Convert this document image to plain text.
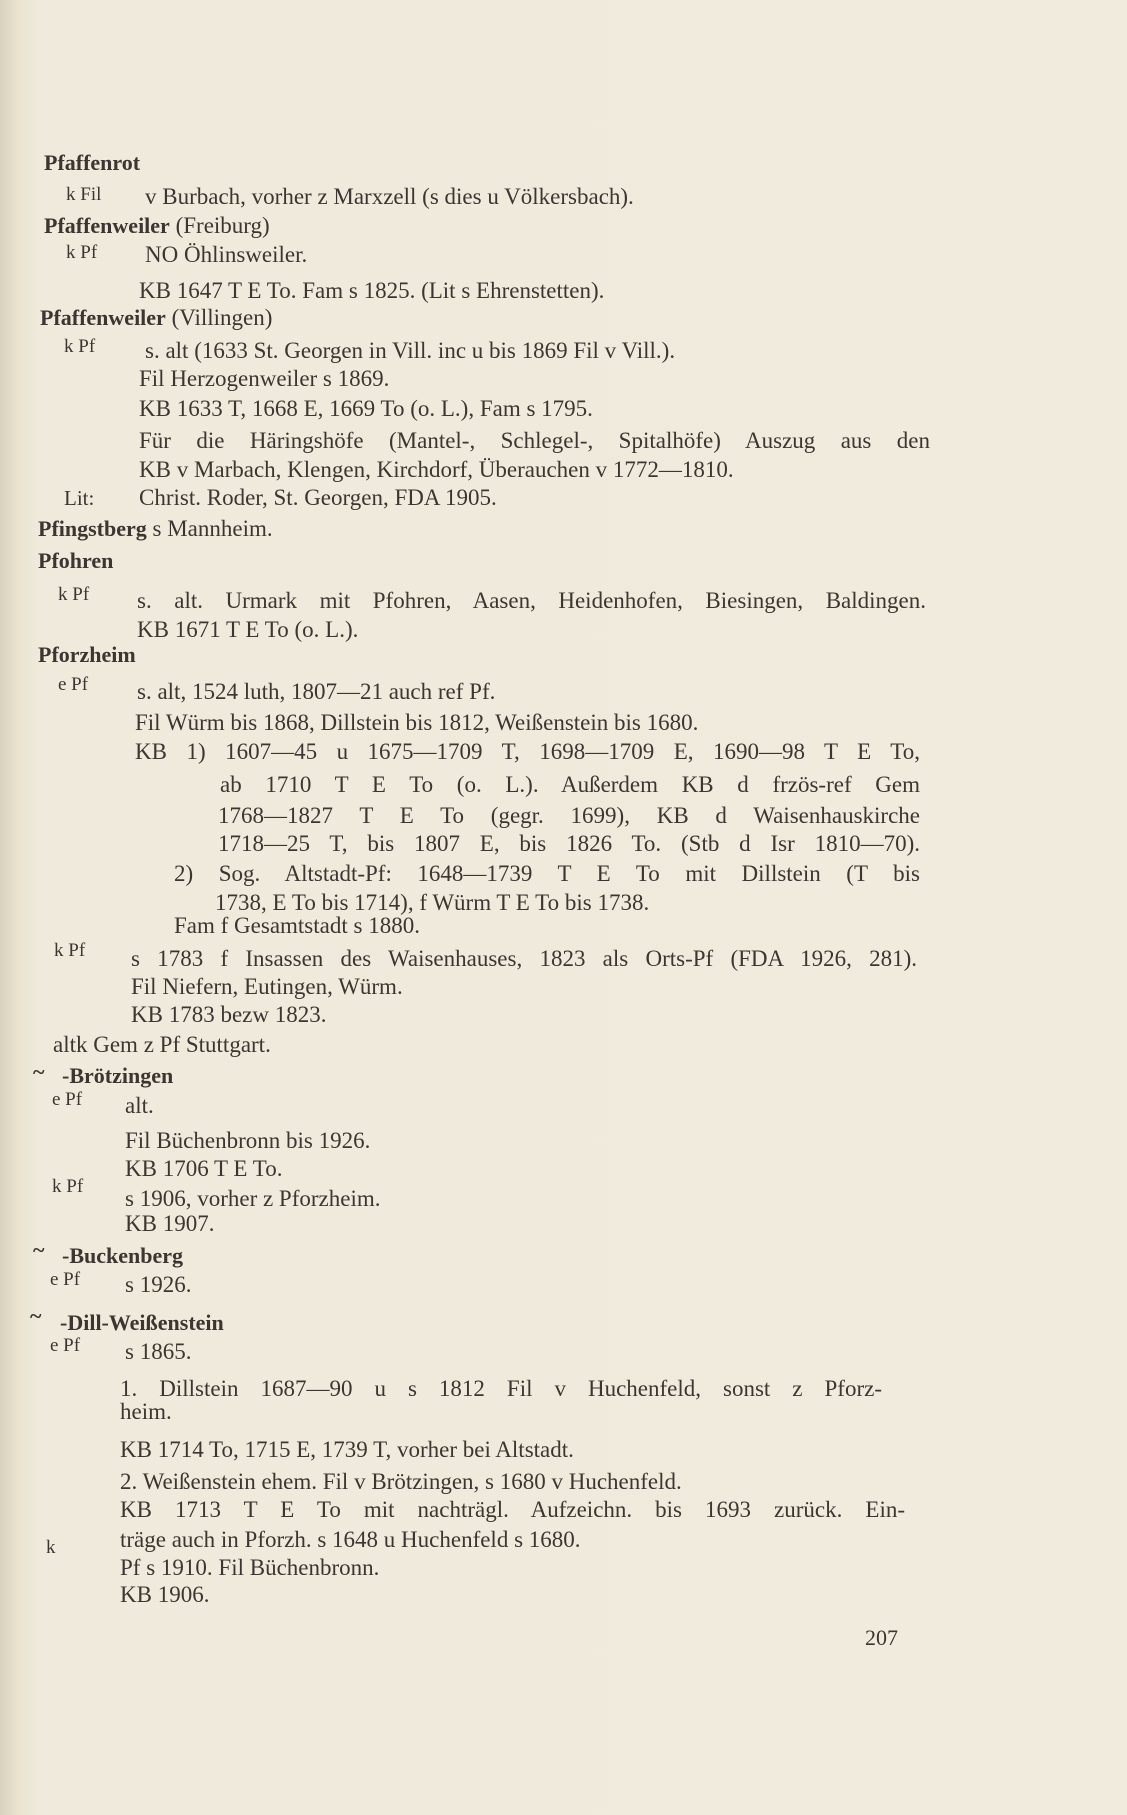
Pfaffenrot
k Fil v Burbach, vorher z Marxzell (s dies u Völkersbach).
Pfaffenweiler (Freiburg)
k Pf NO Öhlinsweiler.
KB 1647 T E To. Fam s 1825. (Lit s Ehrenstetten).
Pfaffenweiler (Villingen)
k Pf s. alt (1633 St. Georgen in Vill. inc u bis 1869 Fil v Vill.).
Fil Herzogenweiler s 1869.
KB 1633 T, 1668 E, 1669 To (o. L.), Fam s 1795.
Für die Häringshöfe (Mantel-, Schlegel-, Spitalhöfe) Auszug aus den
KB v Marbach, Klengen, Kirchdorf, Überauchen v 1772—1810.
Lit: Christ. Roder, St. Georgen, FDA 1905.
Pfingstberg s Mannheim.
Pfohren
k Pf s. alt. Urmark mit Pfohren, Aasen, Heidenhofen, Biesingen, Baldingen.
KB 1671 T E To (o. L.).
Pforzheim
e Pf s. alt, 1524 luth, 1807—21 auch ref Pf.
Fil Würm bis 1868, Dillstein bis 1812, Weißenstein bis 1680.
KB 1) 1607—45 u 1675—1709 T, 1698—1709 E, 1690—98 T E To,
ab 1710 T E To (o. L.). Außerdem KB d frzös-ref Gem
1768—1827 T E To (gegr. 1699), KB d Waisenhauskirche
1718—25 T, bis 1807 E, bis 1826 To. (Stb d Isr 1810—70).
2) Sog. Altstadt-Pf: 1648—1739 T E To mit Dillstein (T bis
1738, E To bis 1714), f Würm T E To bis 1738.
Fam f Gesamtstadt s 1880.
k Pf s 1783 f Insassen des Waisenhauses, 1823 als Orts-Pf (FDA 1926, 281).
Fil Niefern, Eutingen, Würm.
KB 1783 bezw 1823.
altk Gem z Pf Stuttgart.
~ -Brötzingen
e Pf alt.
Fil Büchenbronn bis 1926.
KB 1706 T E To.
k Pf s 1906, vorher z Pforzheim.
KB 1907.
~ -Buckenberg
e Pf s 1926.
~ -Dill-Weißenstein
e Pf s 1865.
1. Dillstein 1687—90 u s 1812 Fil v Huchenfeld, sonst z Pforz-
heim.
KB 1714 To, 1715 E, 1739 T, vorher bei Altstadt.
2. Weißenstein ehem. Fil v Brötzingen, s 1680 v Huchenfeld.
KB 1713 T E To mit nachträgl. Aufzeichn. bis 1693 zurück. Ein-
k	träge auch in Pforzh. s 1648 u Huchenfeld s 1680.
Pf s 1910. Fil Büchenbronn.
KB 1906.
207
